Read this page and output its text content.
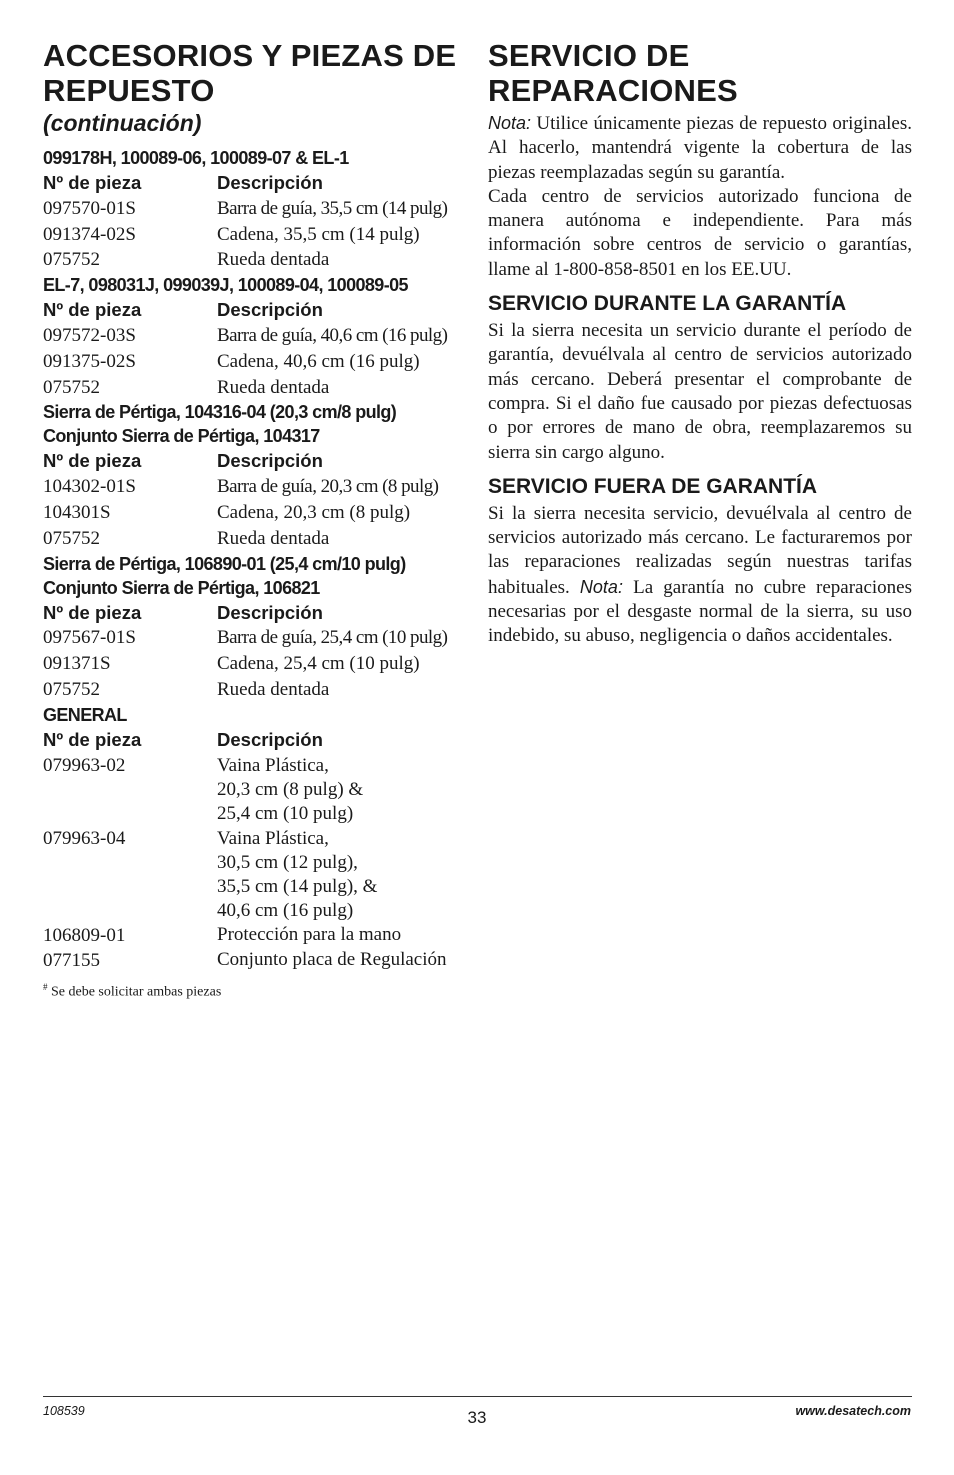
ACCESORIOS Y PIEZAS DE REPUESTO
(continuación)
099178H, 100089-06, 100089-07 & EL-1
Nº de pieza	Descripción
097570-01S	Barra de guía, 35,5 cm (14 pulg)
091374-02S	Cadena, 35,5 cm (14 pulg)
075752	Rueda dentada
EL-7, 098031J, 099039J, 100089-04, 100089-05
Nº de pieza	Descripción
097572-03S	Barra de guía, 40,6 cm (16 pulg)
091375-02S	Cadena, 40,6 cm (16 pulg)
075752	Rueda dentada
Sierra de Pértiga, 104316-04 (20,3 cm/8 pulg)
Conjunto Sierra de Pértiga, 104317
Nº de pieza	Descripción
104302-01S	Barra de guía, 20,3 cm (8 pulg)
104301S	Cadena, 20,3 cm (8 pulg)
075752	Rueda dentada
Sierra de Pértiga, 106890-01 (25,4 cm/10 pulg)
Conjunto Sierra de Pértiga, 106821
Nº de pieza	Descripción
097567-01S	Barra de guía, 25,4 cm (10 pulg)
091371S	Cadena, 25,4 cm (10 pulg)
075752	Rueda dentada
GENERAL
Nº de pieza	Descripción
079963-02	Vaina Plástica,
20,3 cm (8 pulg) &
25,4 cm (10 pulg)
079963-04	Vaina Plástica,
30,5 cm (12 pulg),
35,5 cm (14 pulg), &
40,6 cm (16 pulg)
106809-01	Protección para la mano
077155	Conjunto placa de Regulación
# Se debe solicitar ambas piezas
SERVICIO DE REPARACIONES

Nota: Utilice únicamente piezas de repuesto originales. Al hacerlo, mantendrá vigente la cobertura de las piezas reemplazadas según su garantía.

Cada centro de servicios autorizado funciona de manera autónoma e independiente. Para más información sobre centros de servicio o garantías, llame al 1-800-858-8501 en los EE.UU.

SERVICIO DURANTE LA GARANTÍA

Si la sierra necesita un servicio durante el período de garantía, devuélvala al centro de servicios autorizado más cercano. Deberá presentar el comprobante de compra. Si el daño fue causado por piezas defectuosas o por errores de mano de obra, reemplazaremos su sierra sin cargo alguno.

SERVICIO FUERA DE GARANTÍA

Si la sierra necesita servicio, devuélvala al centro de servicios autorizado más cercano. Le facturaremos por las reparaciones realizadas según nuestras tarifas habituales. Nota: La garantía no cubre reparaciones necesarias por el desgaste normal de la sierra, su uso indebido, su abuso, negligencia o daños accidentales.

108539	33	www.desatech.com
